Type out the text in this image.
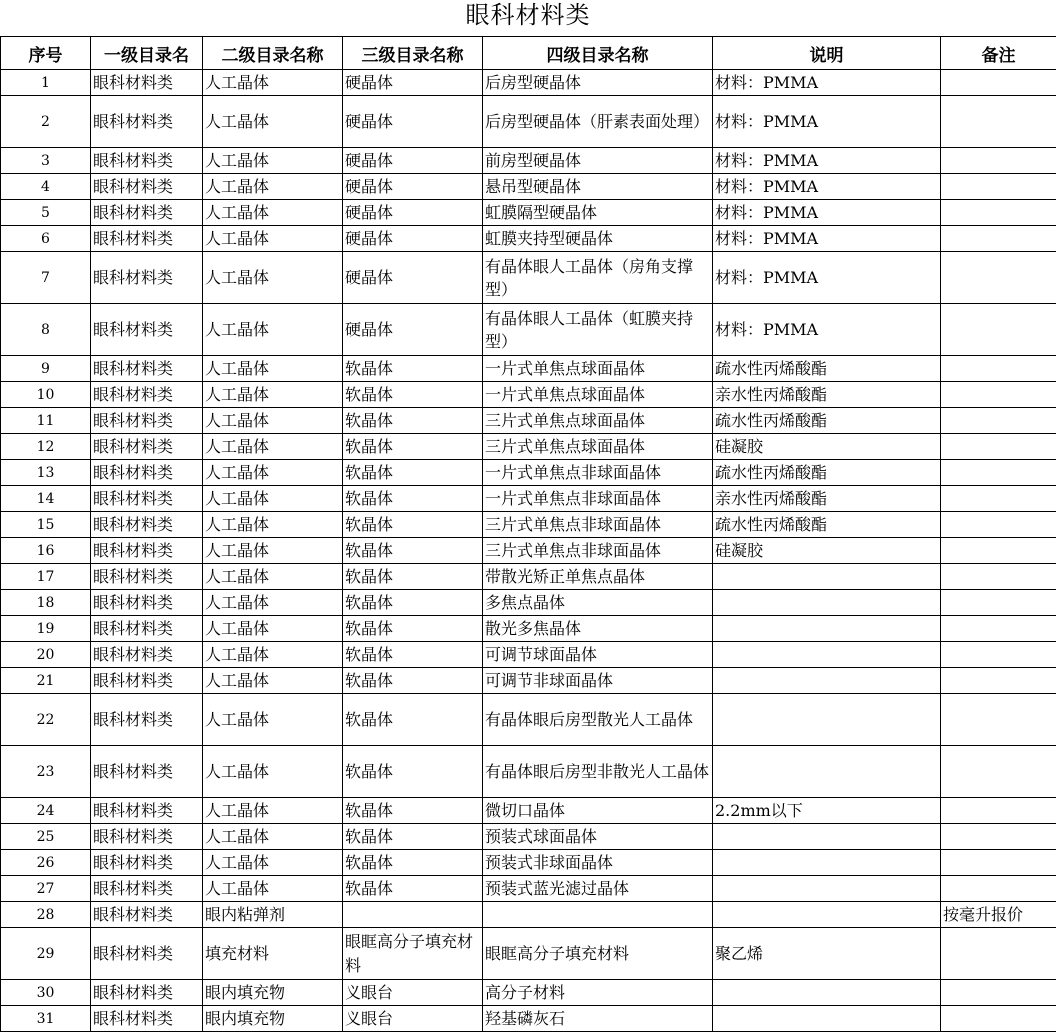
眼科材料类
序号	一级目录名	二级目录名称	三级目录名称	四级目录名称	说明	备注
1	眼科材料类	人工晶体	硬晶体	后房型硬晶体	材料：PMMA	
2	眼科材料类	人工晶体	硬晶体	后房型硬晶体（肝素表面处理）	材料：PMMA	
3	眼科材料类	人工晶体	硬晶体	前房型硬晶体	材料：PMMA	
4	眼科材料类	人工晶体	硬晶体	悬吊型硬晶体	材料：PMMA	
5	眼科材料类	人工晶体	硬晶体	虹膜隔型硬晶体	材料：PMMA	
6	眼科材料类	人工晶体	硬晶体	虹膜夹持型硬晶体	材料：PMMA	
7	眼科材料类	人工晶体	硬晶体	有晶体眼人工晶体（房角支撑型）	材料：PMMA	
8	眼科材料类	人工晶体	硬晶体	有晶体眼人工晶体（虹膜夹持型）	材料：PMMA	
9	眼科材料类	人工晶体	软晶体	一片式单焦点球面晶体	疏水性丙烯酸酯	
10	眼科材料类	人工晶体	软晶体	一片式单焦点球面晶体	亲水性丙烯酸酯	
11	眼科材料类	人工晶体	软晶体	三片式单焦点球面晶体	疏水性丙烯酸酯	
12	眼科材料类	人工晶体	软晶体	三片式单焦点球面晶体	硅凝胶	
13	眼科材料类	人工晶体	软晶体	一片式单焦点非球面晶体	疏水性丙烯酸酯	
14	眼科材料类	人工晶体	软晶体	一片式单焦点非球面晶体	亲水性丙烯酸酯	
15	眼科材料类	人工晶体	软晶体	三片式单焦点非球面晶体	疏水性丙烯酸酯	
16	眼科材料类	人工晶体	软晶体	三片式单焦点非球面晶体	硅凝胶	
17	眼科材料类	人工晶体	软晶体	带散光矫正单焦点晶体		
18	眼科材料类	人工晶体	软晶体	多焦点晶体		
19	眼科材料类	人工晶体	软晶体	散光多焦晶体		
20	眼科材料类	人工晶体	软晶体	可调节球面晶体		
21	眼科材料类	人工晶体	软晶体	可调节非球面晶体		
22	眼科材料类	人工晶体	软晶体	有晶体眼后房型散光人工晶体		
23	眼科材料类	人工晶体	软晶体	有晶体眼后房型非散光人工晶体		
24	眼科材料类	人工晶体	软晶体	微切口晶体	2.2mm以下	
25	眼科材料类	人工晶体	软晶体	预装式球面晶体		
26	眼科材料类	人工晶体	软晶体	预装式非球面晶体		
27	眼科材料类	人工晶体	软晶体	预装式蓝光滤过晶体		
28	眼科材料类	眼内粘弹剂				按毫升报价
29	眼科材料类	填充材料	眼眶高分子填充材料	眼眶高分子填充材料	聚乙烯	
30	眼科材料类	眼内填充物	义眼台	高分子材料		
31	眼科材料类	眼内填充物	义眼台	羟基磷灰石		
